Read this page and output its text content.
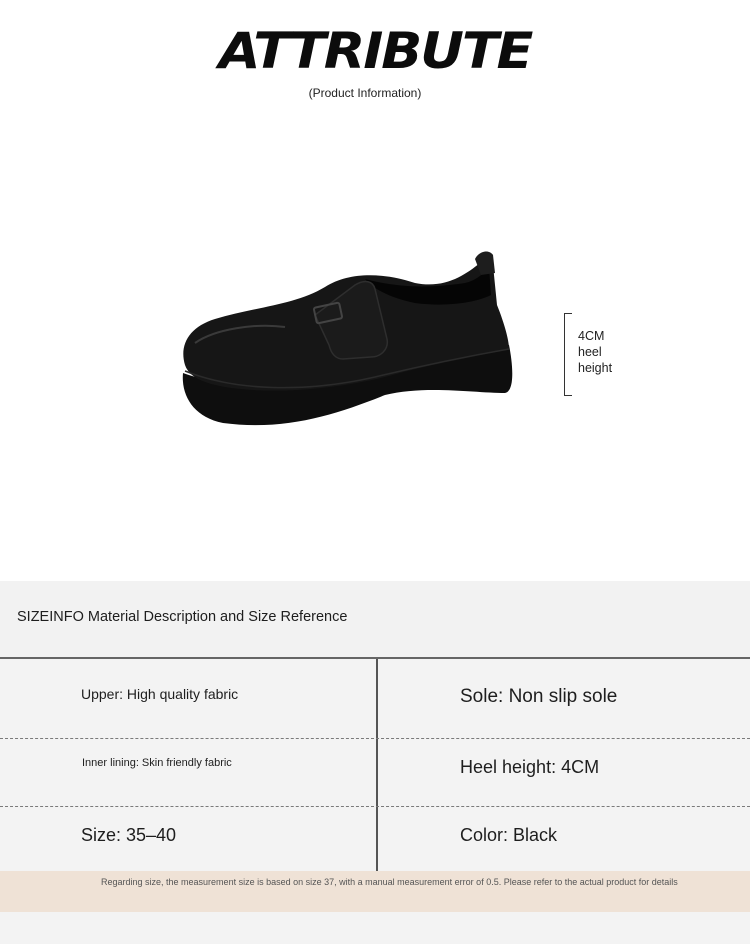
ATTRIBUTE
(Product Information)
4CM
heel
height
SIZEINFO Material Description and Size Reference
Upper: High quality fabric	Sole: Non slip sole
Inner lining: Skin friendly fabric	Heel height: 4CM
Size: 35–40	Color: Black
Regarding size, the measurement size is based on size 37, with a manual measurement error of 0.5. Please refer to the actual product for details
